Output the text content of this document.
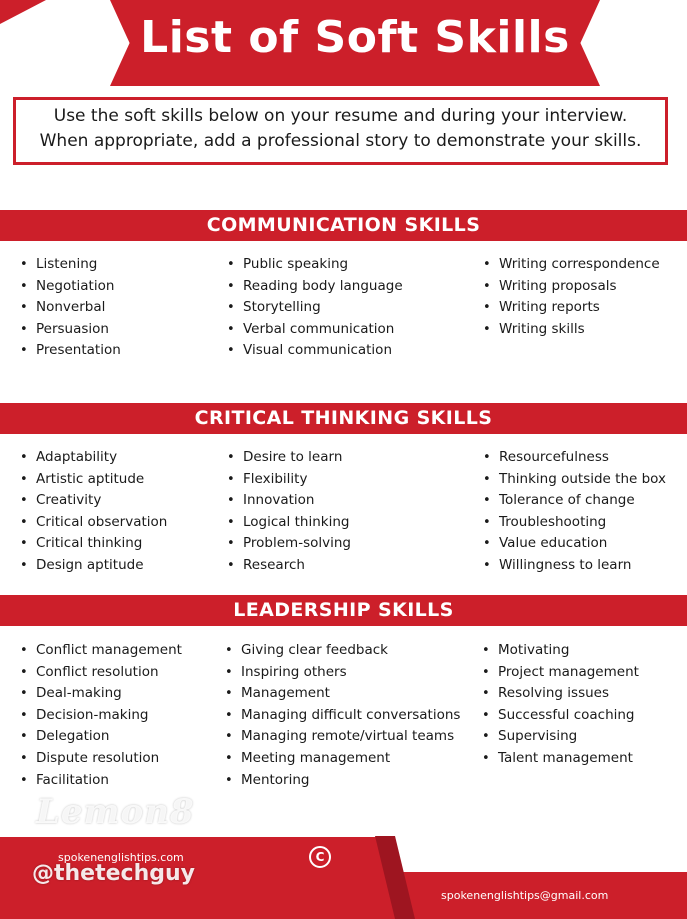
List of Soft Skills
Use the soft skills below on your resume and during your interview.
When appropriate, add a professional story to demonstrate your skills.
COMMUNICATION SKILLS
• Listening
• Negotiation
• Nonverbal
• Persuasion
• Presentation
• Public speaking
• Reading body language
• Storytelling
• Verbal communication
• Visual communication
• Writing correspondence
• Writing proposals
• Writing reports
• Writing skills
CRITICAL THINKING SKILLS
• Adaptability
• Artistic aptitude
• Creativity
• Critical observation
• Critical thinking
• Design aptitude
• Desire to learn
• Flexibility
• Innovation
• Logical thinking
• Problem-solving
• Research
• Resourcefulness
• Thinking outside the box
• Tolerance of change
• Troubleshooting
• Value education
• Willingness to learn
LEADERSHIP SKILLS
• Conflict management
• Conflict resolution
• Deal-making
• Decision-making
• Delegation
• Dispute resolution
• Facilitation
• Giving clear feedback
• Inspiring others
• Management
• Managing difficult conversations
• Managing remote/virtual teams
• Meeting management
• Mentoring
• Motivating
• Project management
• Resolving issues
• Successful coaching
• Supervising
• Talent management
C
spokenenglishtips.com
spokenenglishtips@gmail.com
Lemon8
@thetechguy
